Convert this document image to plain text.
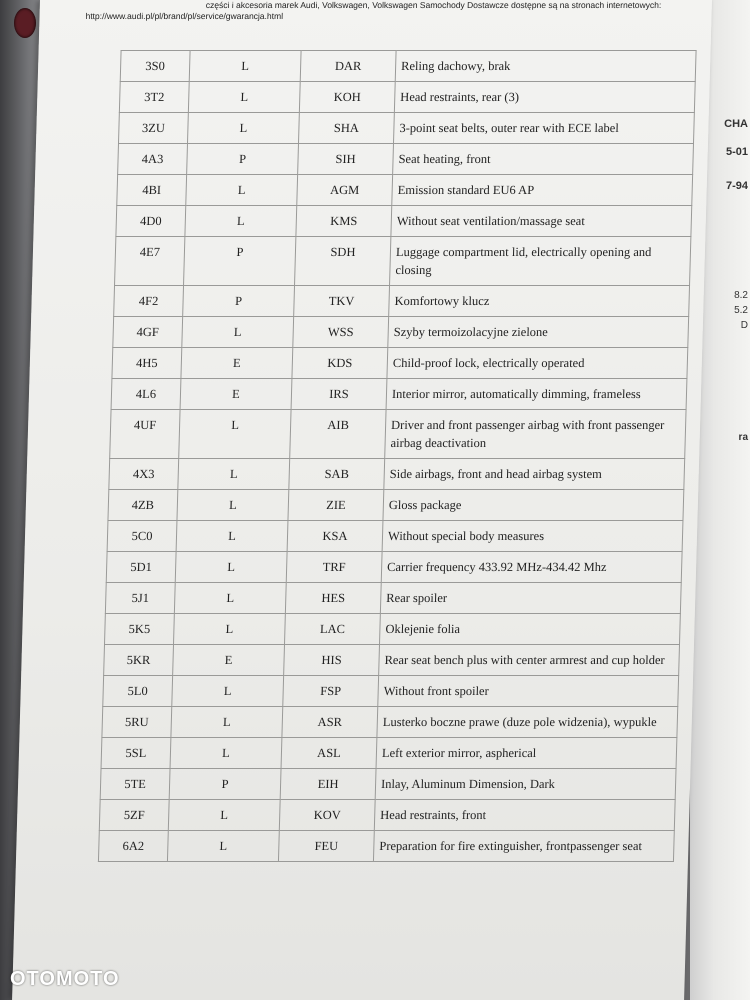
CHA
5-01
7-94
8.2
5.2
D
ra
części i akcesoria marek Audi, Volkswagen, Volkswagen Samochody Dostawcze dostępne są na stronach internetowych:
http://www.audi.pl/pl/brand/pl/service/gwarancja.html
3S0	L	DAR	Reling dachowy, brak
3T2	L	KOH	Head restraints, rear (3)
3ZU	L	SHA	3-point seat belts, outer rear with ECE label
4A3	P	SIH	Seat heating, front
4BI	L	AGM	Emission standard EU6 AP
4D0	L	KMS	Without seat ventilation/massage seat
4E7	P	SDH	Luggage compartment lid, electrically opening and closing
4F2	P	TKV	Komfortowy klucz
4GF	L	WSS	Szyby termoizolacyjne zielone
4H5	E	KDS	Child-proof lock, electrically operated
4L6	E	IRS	Interior mirror, automatically dimming, frameless
4UF	L	AIB	Driver and front passenger airbag with front passenger airbag deactivation
4X3	L	SAB	Side airbags, front and head airbag system
4ZB	L	ZIE	Gloss package
5C0	L	KSA	Without special body measures
5D1	L	TRF	Carrier frequency 433.92 MHz-434.42 Mhz
5J1	L	HES	Rear spoiler
5K5	L	LAC	Oklejenie folia
5KR	E	HIS	Rear seat bench plus with center armrest and cup holder
5L0	L	FSP	Without front spoiler
5RU	L	ASR	Lusterko boczne prawe (duze pole widzenia), wypukle
5SL	L	ASL	Left exterior mirror, aspherical
5TE	P	EIH	Inlay, Aluminum Dimension, Dark
5ZF	L	KOV	Head restraints, front
6A2	L	FEU	Preparation for fire extinguisher, frontpassenger seat
OTOMOTO
